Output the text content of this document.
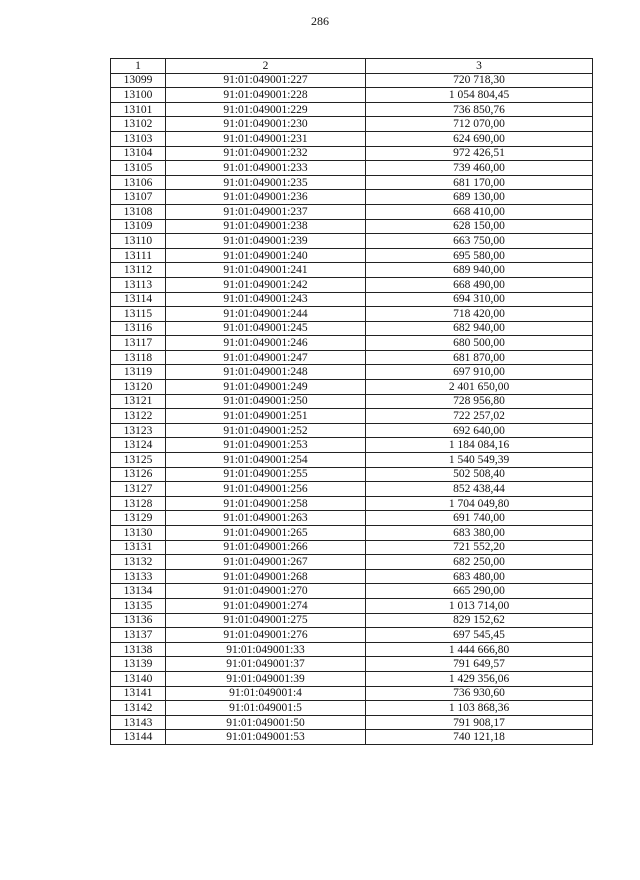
286
1	2	3
13099	91:01:049001:227	720 718,30
13100	91:01:049001:228	1 054 804,45
13101	91:01:049001:229	736 850,76
13102	91:01:049001:230	712 070,00
13103	91:01:049001:231	624 690,00
13104	91:01:049001:232	972 426,51
13105	91:01:049001:233	739 460,00
13106	91:01:049001:235	681 170,00
13107	91:01:049001:236	689 130,00
13108	91:01:049001:237	668 410,00
13109	91:01:049001:238	628 150,00
13110	91:01:049001:239	663 750,00
13111	91:01:049001:240	695 580,00
13112	91:01:049001:241	689 940,00
13113	91:01:049001:242	668 490,00
13114	91:01:049001:243	694 310,00
13115	91:01:049001:244	718 420,00
13116	91:01:049001:245	682 940,00
13117	91:01:049001:246	680 500,00
13118	91:01:049001:247	681 870,00
13119	91:01:049001:248	697 910,00
13120	91:01:049001:249	2 401 650,00
13121	91:01:049001:250	728 956,80
13122	91:01:049001:251	722 257,02
13123	91:01:049001:252	692 640,00
13124	91:01:049001:253	1 184 084,16
13125	91:01:049001:254	1 540 549,39
13126	91:01:049001:255	502 508,40
13127	91:01:049001:256	852 438,44
13128	91:01:049001:258	1 704 049,80
13129	91:01:049001:263	691 740,00
13130	91:01:049001:265	683 380,00
13131	91:01:049001:266	721 552,20
13132	91:01:049001:267	682 250,00
13133	91:01:049001:268	683 480,00
13134	91:01:049001:270	665 290,00
13135	91:01:049001:274	1 013 714,00
13136	91:01:049001:275	829 152,62
13137	91:01:049001:276	697 545,45
13138	91:01:049001:33	1 444 666,80
13139	91:01:049001:37	791 649,57
13140	91:01:049001:39	1 429 356,06
13141	91:01:049001:4	736 930,60
13142	91:01:049001:5	1 103 868,36
13143	91:01:049001:50	791 908,17
13144	91:01:049001:53	740 121,18
